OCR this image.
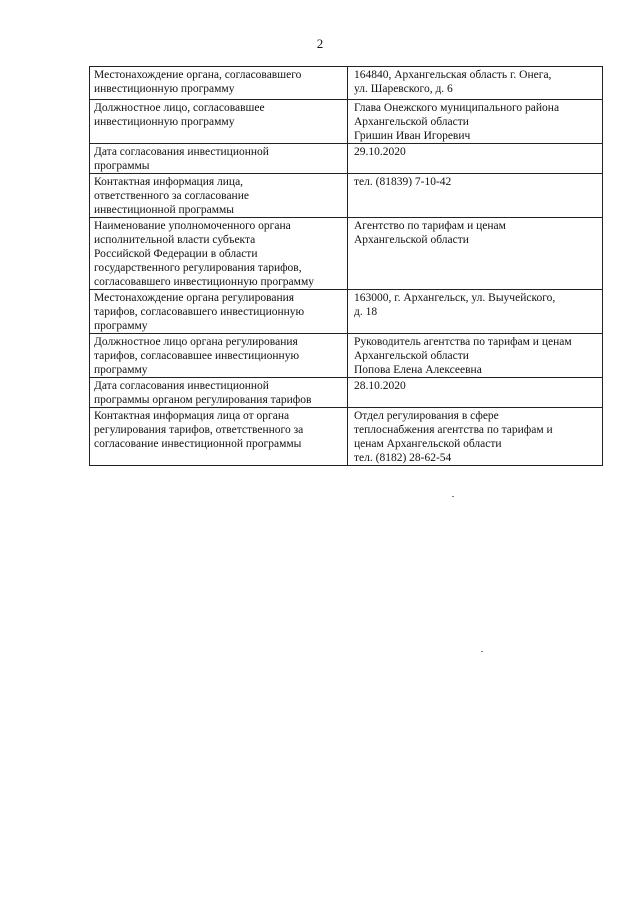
2
Местонахождение органа, согласовавшего
инвестиционную программу	164840, Архангельская область г. Онега,
ул. Шаревского, д. 6

Должностное лицо, согласовавшее
инвестиционную программу	Глава Онежского муниципального района
Архангельской области
Гришин Иван Игоревич

Дата согласования инвестиционной
программы	29.10.2020

Контактная информация лица,
ответственного за согласование
инвестиционной программы	тел. (81839) 7-10-42

Наименование уполномоченного органа
исполнительной власти субъекта
Российской Федерации в области
государственного регулирования тарифов,
согласовавшего инвестиционную программу	Агентство по тарифам и ценам
Архангельской области

Местонахождение органа регулирования
тарифов, согласовавшего инвестиционную
программу	163000, г. Архангельск, ул. Выучейского,
д. 18

Должностное лицо органа регулирования
тарифов, согласовавшее инвестиционную
программу	Руководитель агентства по тарифам и ценам
Архангельской области
Попова Елена Алексеевна

Дата согласования инвестиционной
программы органом регулирования тарифов	28.10.2020

Контактная информация лица от органа
регулирования тарифов, ответственного за
согласование инвестиционной программы	Отдел регулирования в сфере
теплоснабжения агентства по тарифам и
ценам Архангельской области
тел. (8182) 28-62-54
